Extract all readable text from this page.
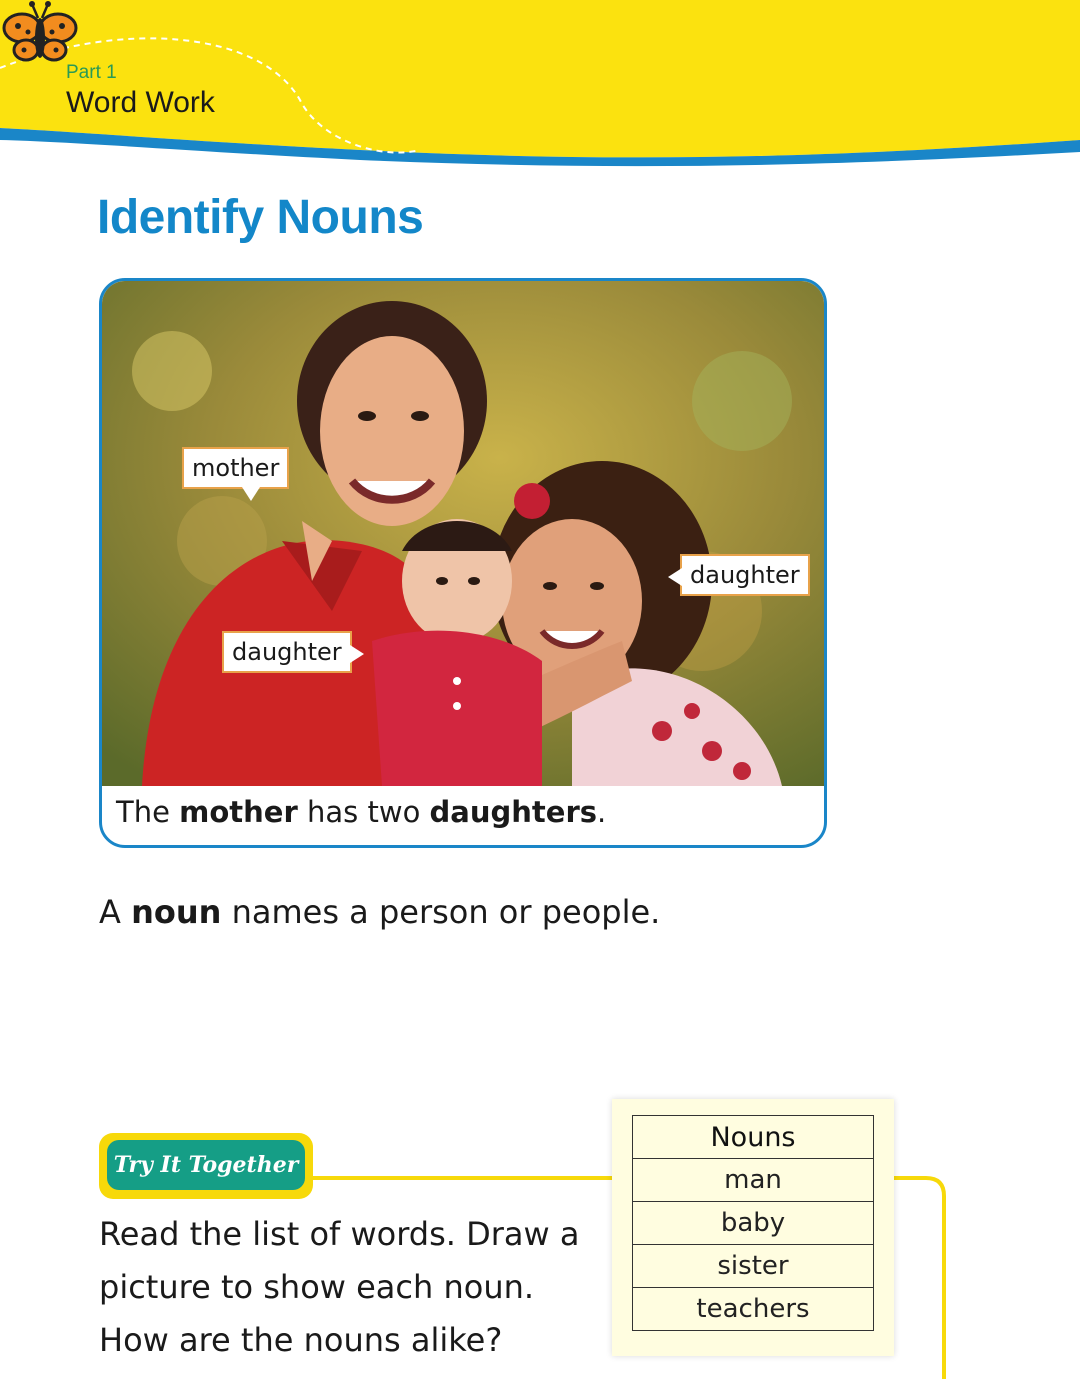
Part 1
Word Work
Identify Nouns
mother
daughter
daughter
The mother has two daughters.
A noun names a person or people.
Try It Together

Read the list of words. Draw a

picture to show each noun.

How are the nouns alike?

Nouns
man
baby
sister
teachers
